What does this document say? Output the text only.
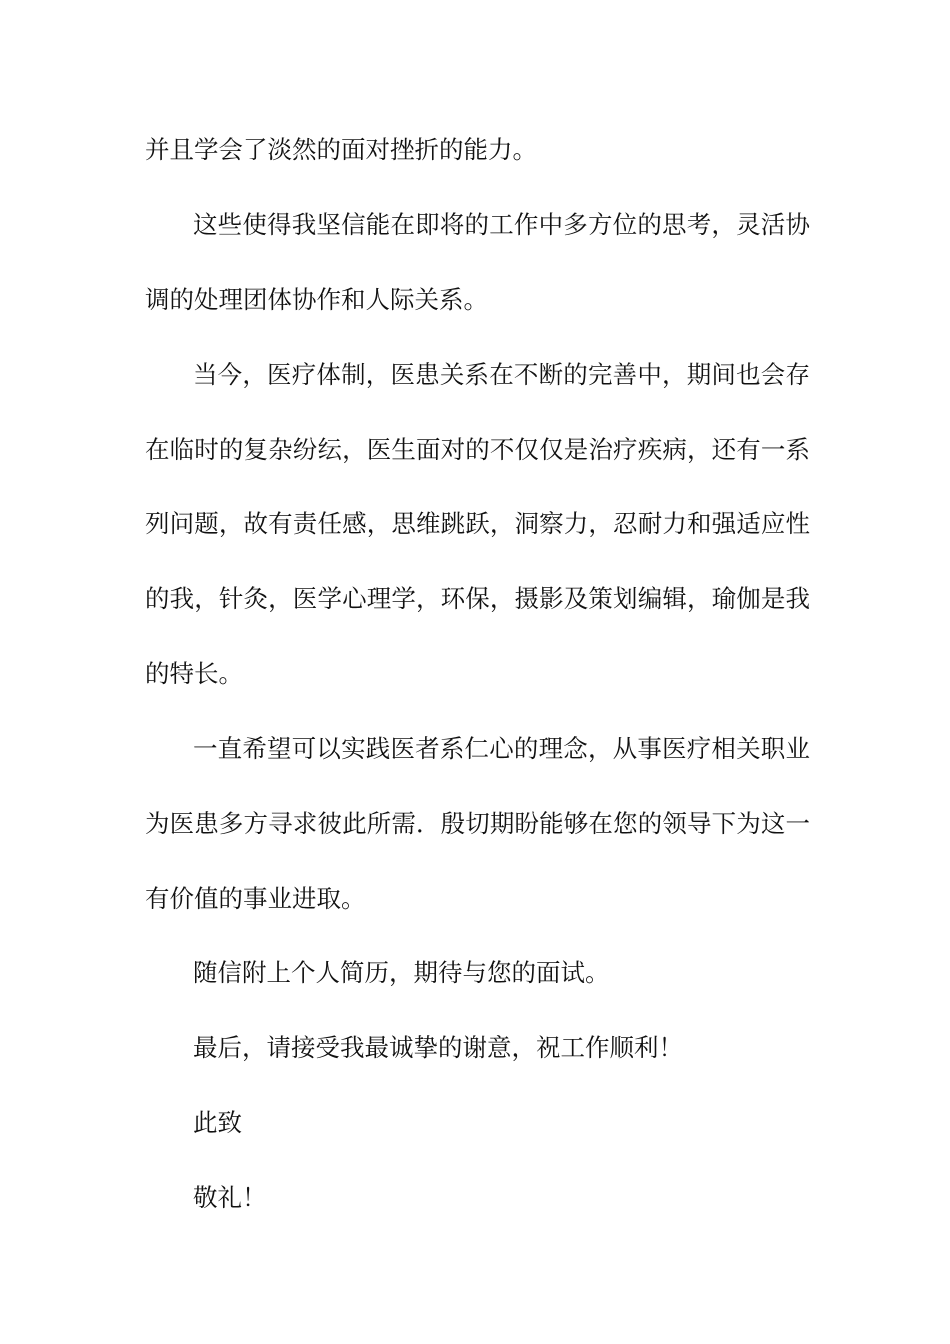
并且学会了淡然的面对挫折的能力。

这些使得我坚信能在即将的工作中多方位的思考，灵活协

调的处理团体协作和人际关系。

当今，医疗体制，医患关系在不断的完善中，期间也会存

在临时的复杂纷纭，医生面对的不仅仅是治疗疾病，还有一系

列问题，故有责任感，思维跳跃，洞察力，忍耐力和强适应性

的我，针灸，医学心理学，环保，摄影及策划编辑，瑜伽是我

的特长。

一直希望可以实践医者系仁心的理念，从事医疗相关职业

为医患多方寻求彼此所需．殷切期盼能够在您的领导下为这一

有价值的事业进取。

随信附上个人简历，期待与您的面试。

最后，请接受我最诚挚的谢意，祝工作顺利！

此致

敬礼！
